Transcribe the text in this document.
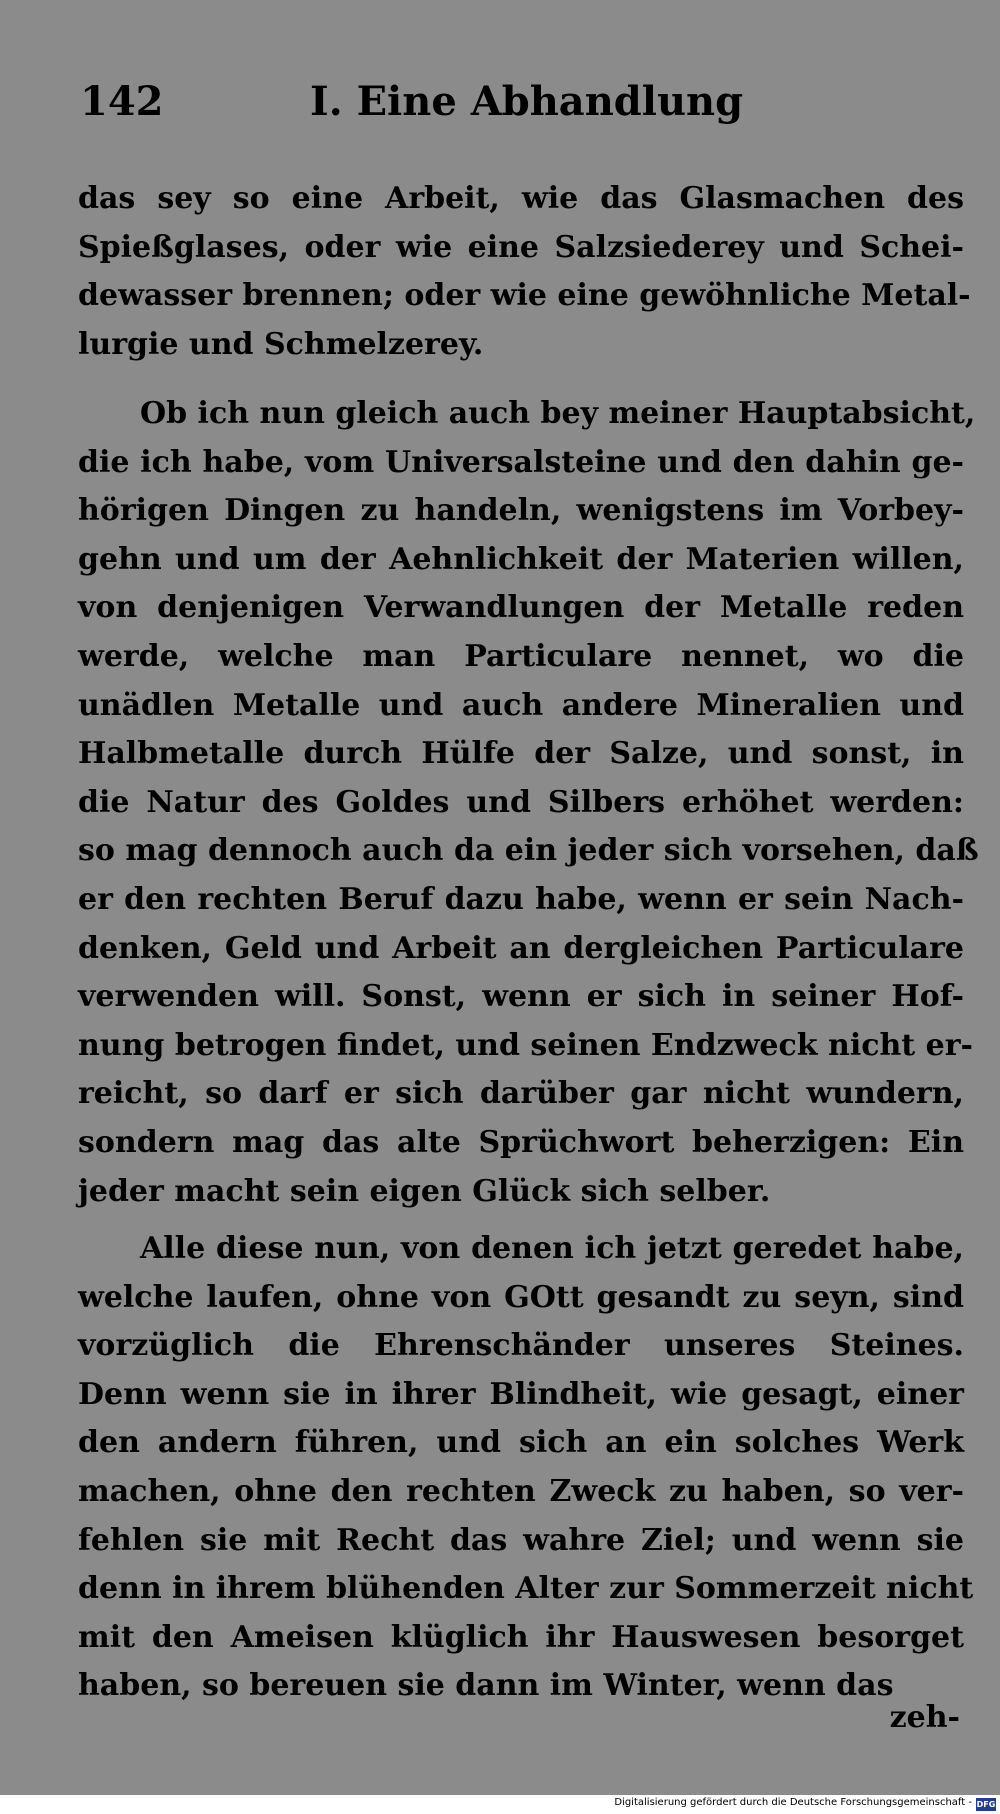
142	I. Eine Abhandlung
das sey so eine Arbeit, wie das Glasmachen des
Spießglases, oder wie eine Salzsiederey und Schei-
dewasser brennen; oder wie eine gewöhnliche Metal-
lurgie und Schmelzerey.
Ob ich nun gleich auch bey meiner Hauptabsicht,
die ich habe, vom Universalsteine und den dahin ge-
hörigen Dingen zu handeln, wenigstens im Vorbey-
gehn und um der Aehnlichkeit der Materien willen,
von denjenigen Verwandlungen der Metalle reden
werde, welche man Particulare nennet, wo die
unädlen Metalle und auch andere Mineralien und
Halbmetalle durch Hülfe der Salze, und sonst, in
die Natur des Goldes und Silbers erhöhet werden:
so mag dennoch auch da ein jeder sich vorsehen, daß
er den rechten Beruf dazu habe, wenn er sein Nach-
denken, Geld und Arbeit an dergleichen Particulare
verwenden will. Sonst, wenn er sich in seiner Hof-
nung betrogen findet, und seinen Endzweck nicht er-
reicht, so darf er sich darüber gar nicht wundern,
sondern mag das alte Sprüchwort beherzigen: Ein
jeder macht sein eigen Glück sich selber.
Alle diese nun, von denen ich jetzt geredet habe,
welche laufen, ohne von GOtt gesandt zu seyn, sind
vorzüglich die Ehrenschänder unseres Steines.
Denn wenn sie in ihrer Blindheit, wie gesagt, einer
den andern führen, und sich an ein solches Werk
machen, ohne den rechten Zweck zu haben, so ver-
fehlen sie mit Recht das wahre Ziel; und wenn sie
denn in ihrem blühenden Alter zur Sommerzeit nicht
mit den Ameisen klüglich ihr Hauswesen besorget
haben, so bereuen sie dann im Winter, wenn das
zeh-
Digitalisierung gefördert durch die Deutsche Forschungsgemeinschaft - DFG
